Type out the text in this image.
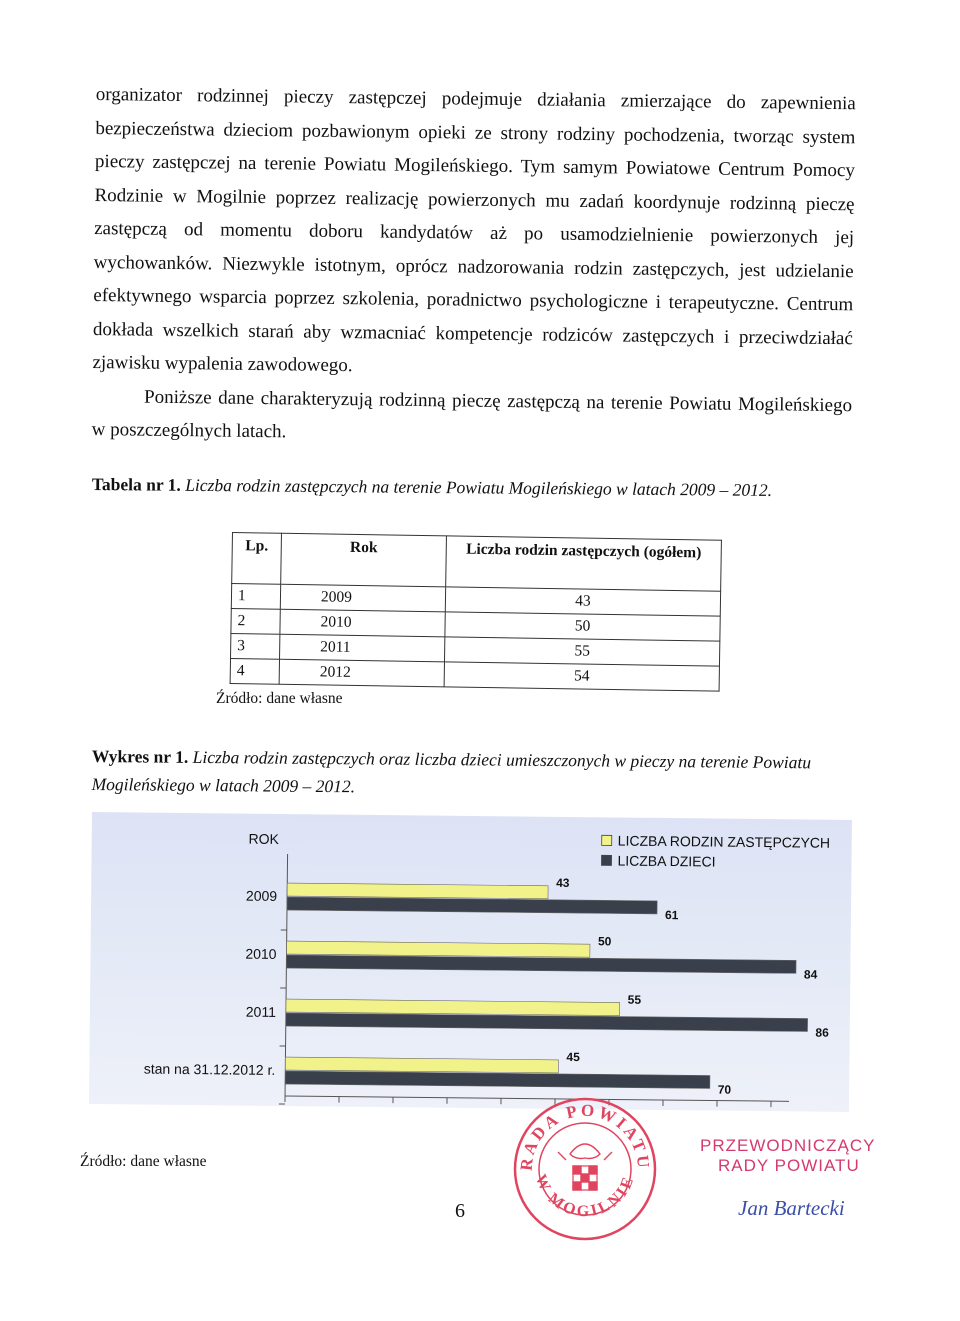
organizator rodzinnej pieczy zastępczej podejmuje działania zmierzające do zapewnienia bezpieczeństwa dzieciom pozbawionym opieki ze strony rodziny pochodzenia, tworząc system pieczy zastępczej na terenie Powiatu Mogileńskiego. Tym samym Powiatowe Centrum Pomocy Rodzinie w Mogilnie poprzez realizację powierzonych mu zadań koordynuje rodzinną pieczę zastępczą od momentu doboru kandydatów aż po usamodzielnienie powierzonych jej wychowanków. Niezwykle istotnym, oprócz nadzorowania rodzin zastępczych, jest udzielanie efektywnego wsparcia poprzez szkolenia, poradnictwo psychologiczne i terapeutyczne. Centrum dokłada wszelkich starań aby wzmacniać kompetencje rodziców zastępczych i przeciwdziałać zjawisku wypalenia zawodowego.

Poniższe dane charakteryzują rodzinną pieczę zastępczą na terenie Powiatu Mogileńskiego w poszczególnych latach.

Tabela nr 1. Liczba rodzin zastępczych na terenie Powiatu Mogileńskiego w latach 2009 – 2012.
Lp.	Rok	Liczba rodzin zastępczych (ogółem)
1	2009	43
2	2010	50
3	2011	55
4	2012	54
Źródło: dane własne
Wykres nr 1. Liczba rodzin zastępczych oraz liczba dzieci umieszczonych w pieczy na terenie Powiatu Mogileńskiego w latach 2009 – 2012.
ROK
2009
43
61
2010
50
84
2011
55
86
stan na 31.12.2012 r.
45
70
LICZBA RODZIN ZASTĘPCZYCH
LICZBA DZIECI
Źródło: dane własne
6
RADA POWIATU
W MOGILNIE
PRZEWODNICZĄCY
RADY POWIATU
Jan Bartecki
